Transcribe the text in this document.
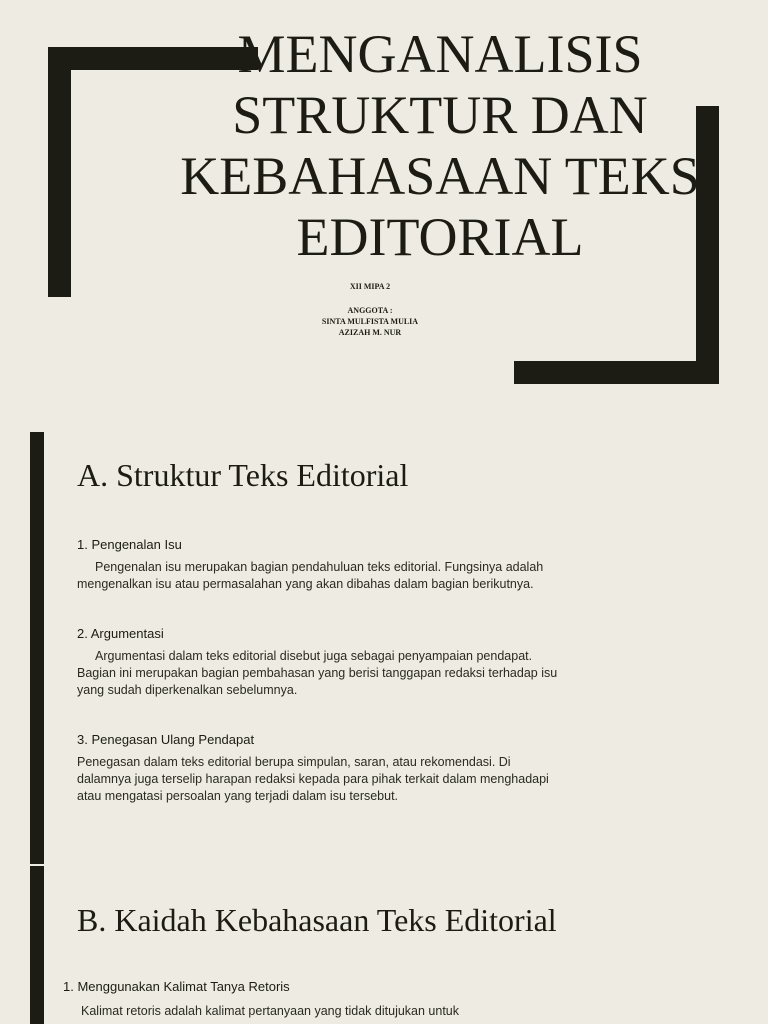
MENGANALISIS
STRUKTUR DAN
KEBAHASAAN TEKS
EDITORIAL
XII MIPA 2
ANGGOTA :
SINTA MULFISTA MULIA
AZIZAH M. NUR
A. Struktur Teks Editorial
1. Pengenalan Isu
Pengenalan isu merupakan bagian pendahuluan teks editorial. Fungsinya adalah
mengenalkan isu atau permasalahan yang akan dibahas dalam bagian berikutnya.
2. Argumentasi
Argumentasi dalam teks editorial disebut juga sebagai penyampaian pendapat.
Bagian ini merupakan bagian pembahasan yang berisi tanggapan redaksi terhadap isu
yang sudah diperkenalkan sebelumnya.
3. Penegasan Ulang Pendapat
Penegasan dalam teks editorial berupa simpulan, saran, atau rekomendasi. Di
dalamnya juga terselip harapan redaksi kepada para pihak terkait dalam menghadapi
atau mengatasi persoalan yang terjadi dalam isu tersebut.
B. Kaidah Kebahasaan Teks Editorial
1. Menggunakan Kalimat Tanya Retoris
Kalimat retoris adalah kalimat pertanyaan yang tidak ditujukan untuk
